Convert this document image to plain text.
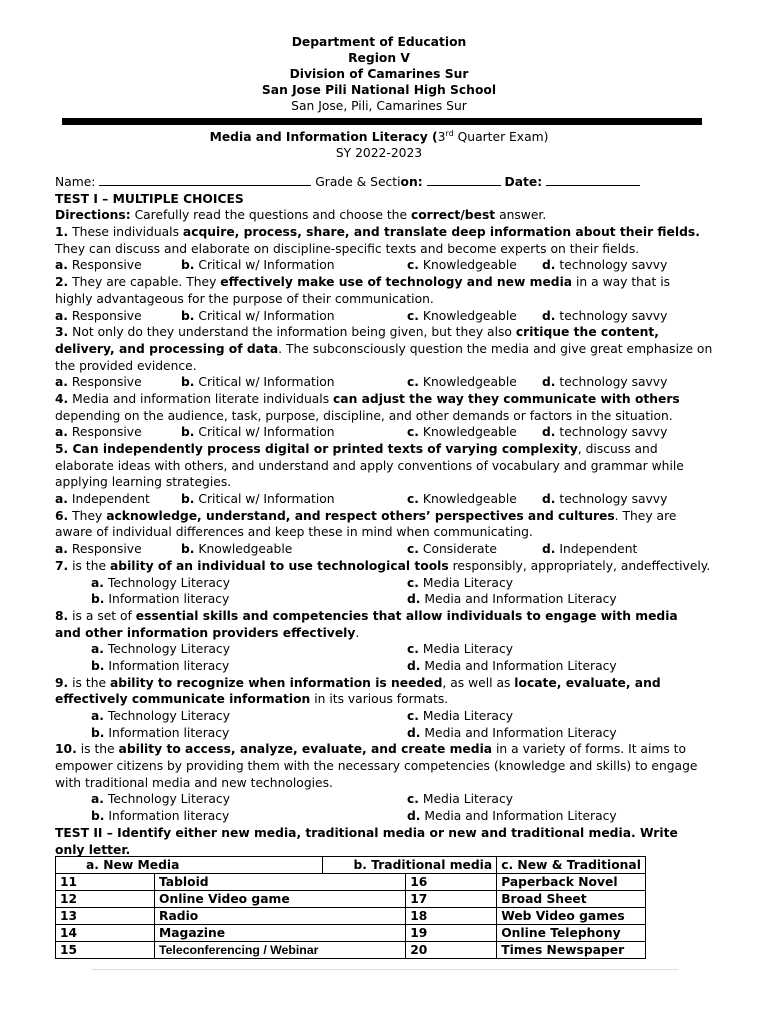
Department of Education
Region V
Division of Camarines Sur
San Jose Pili National High School
San Jose, Pili, Camarines Sur
Media and Information Literacy (3rd Quarter Exam)
SY 2022-2023
Name:	Grade & Section:	Date:
TEST I – MULTIPLE CHOICES
Directions: Carefully read the questions and choose the correct/best answer.
1. These individuals acquire, process, share, and translate deep information about their fields.
They can discuss and elaborate on discipline-specific texts and become experts on their fields.
a. Responsive	b. Critical w/ Information	c. Knowledgeable d. technology savvy
2. They are capable. They effectively make use of technology and new media in a way that is
highly advantageous for the purpose of their communication.
a. Responsive	b. Critical w/ Information	c. Knowledgeable d. technology savvy
3. Not only do they understand the information being given, but they also critique the content,
delivery, and processing of data. The subconsciously question the media and give great emphasize on
the provided evidence.
a. Responsive	b. Critical w/ Information	c. Knowledgeable d. technology savvy
4. Media and information literate individuals can adjust the way they communicate with others
depending on the audience, task, purpose, discipline, and other demands or factors in the situation.
a. Responsive	b. Critical w/ Information	c. Knowledgeable d. technology savvy
5. Can independently process digital or printed texts of varying complexity, discuss and
elaborate ideas with others, and understand and apply conventions of vocabulary and grammar while
applying learning strategies.
a. Independent	b. Critical w/ Information	c. Knowledgeable d. technology savvy
6. They acknowledge, understand, and respect others’ perspectives and cultures. They are
aware of individual differences and keep these in mind when communicating.
a. Responsive	b. Knowledgeable	c. Considerate	d. Independent
7. is the ability of an individual to use technological tools responsibly, appropriately, andeffectively.
a. Technology Literacy	c. Media Literacy
b. Information literacy	d. Media and Information Literacy
8. is a set of essential skills and competencies that allow individuals to engage with media
and other information providers effectively.
a. Technology Literacy	c. Media Literacy
b. Information literacy	d. Media and Information Literacy
9. is the ability to recognize when information is needed, as well as locate, evaluate, and
effectively communicate information in its various formats.
a. Technology Literacy	c. Media Literacy
b. Information literacy	d. Media and Information Literacy
10. is the ability to access, analyze, evaluate, and create media in a variety of forms. It aims to
empower citizens by providing them with the necessary competencies (knowledge and skills) to engage
with traditional media and new technologies.
a. Technology Literacy	c. Media Literacy
b. Information literacy	d. Media and Information Literacy
TEST II – Identify either new media, traditional media or new and traditional media. Write
only letter.
a. New Media		b. Traditional media		c. New & Traditional
11	Tabloid		16	Paperback Novel
12	Online Video game		17	Broad Sheet
13	Radio		18	Web Video games
14	Magazine		19	Online Telephony
15	Teleconferencing / Webinar		20	Times Newspaper
